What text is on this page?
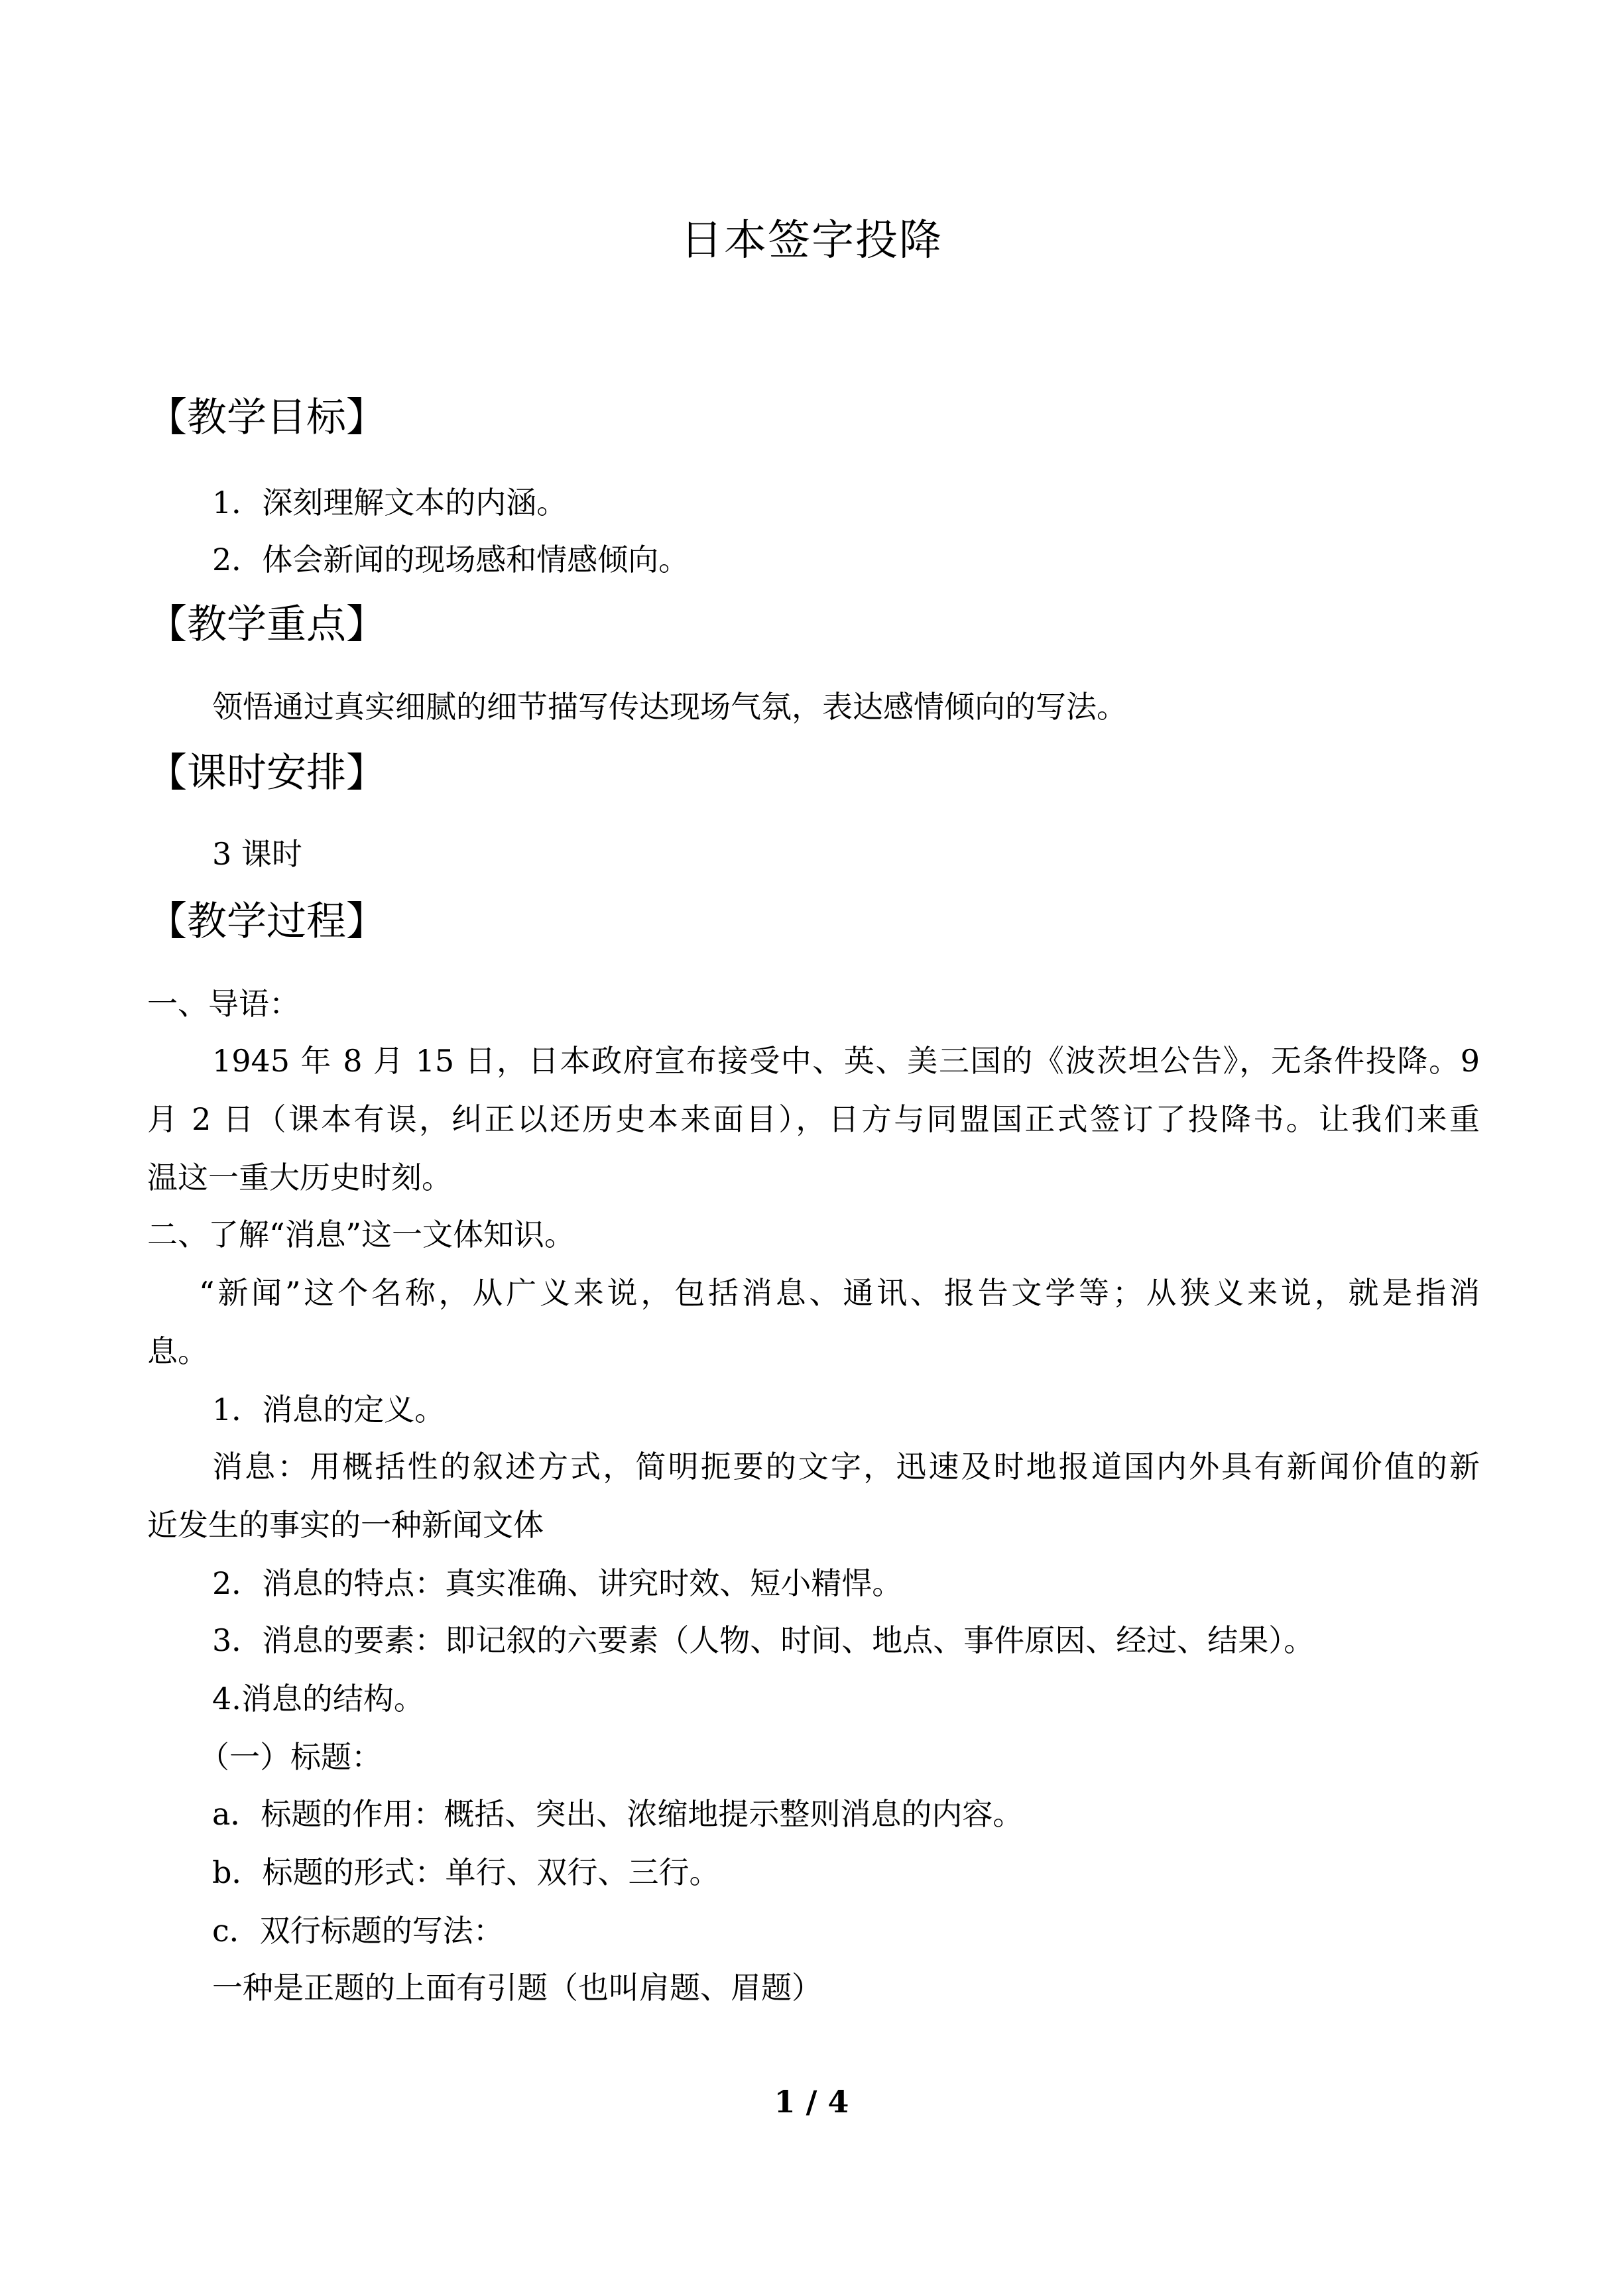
日本签字投降
【教学目标】
1．深刻理解文本的内涵。
2．体会新闻的现场感和情感倾向。
【教学重点】
领悟通过真实细腻的细节描写传达现场气氛，表达感情倾向的写法。
【课时安排】
3 课时
【教学过程】
一、导语：
1945 年 8 月 15 日，日本政府宣布接受中、英、美三国的《波茨坦公告》，无条件投降。9
月 2 日（课本有误，纠正以还历史本来面目），日方与同盟国正式签订了投降书。让我们来重
温这一重大历史时刻。
二、了解“消息”这一文体知识。
“新闻”这个名称，从广义来说，包括消息、通讯、报告文学等；从狭义来说，就是指消
息。
1．消息的定义。
消息：用概括性的叙述方式，简明扼要的文字，迅速及时地报道国内外具有新闻价值的新
近发生的事实的一种新闻文体
2．消息的特点：真实准确、讲究时效、短小精悍。
3．消息的要素：即记叙的六要素（人物、时间、地点、事件原因、经过、结果）。
4.消息的结构。
（一）标题：
a．标题的作用：概括、突出、浓缩地提示整则消息的内容。
b．标题的形式：单行、双行、三行。
c．双行标题的写法：
一种是正题的上面有引题（也叫肩题、眉题）
1 / 4
